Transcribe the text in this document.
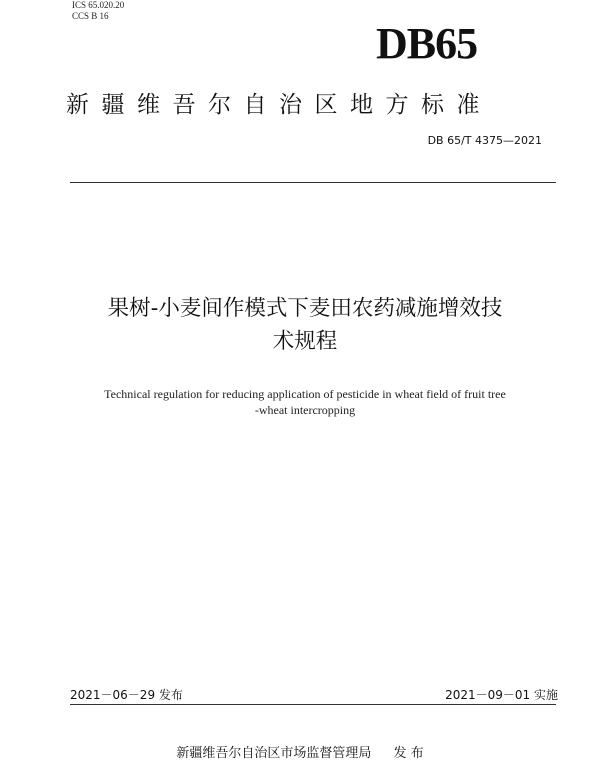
ICS 65.020.20
CCS B 16
DB65
新疆维吾尔自治区地方标准
DB 65/T 4375—2021
果树-小麦间作模式下麦田农药减施增效技
术规程
Technical regulation for reducing application of pesticide in wheat field of fruit tree
-wheat intercropping
2021－06－29 发布	2021－09－01 实施
新疆维吾尔自治区市场监督管理局 发 布
